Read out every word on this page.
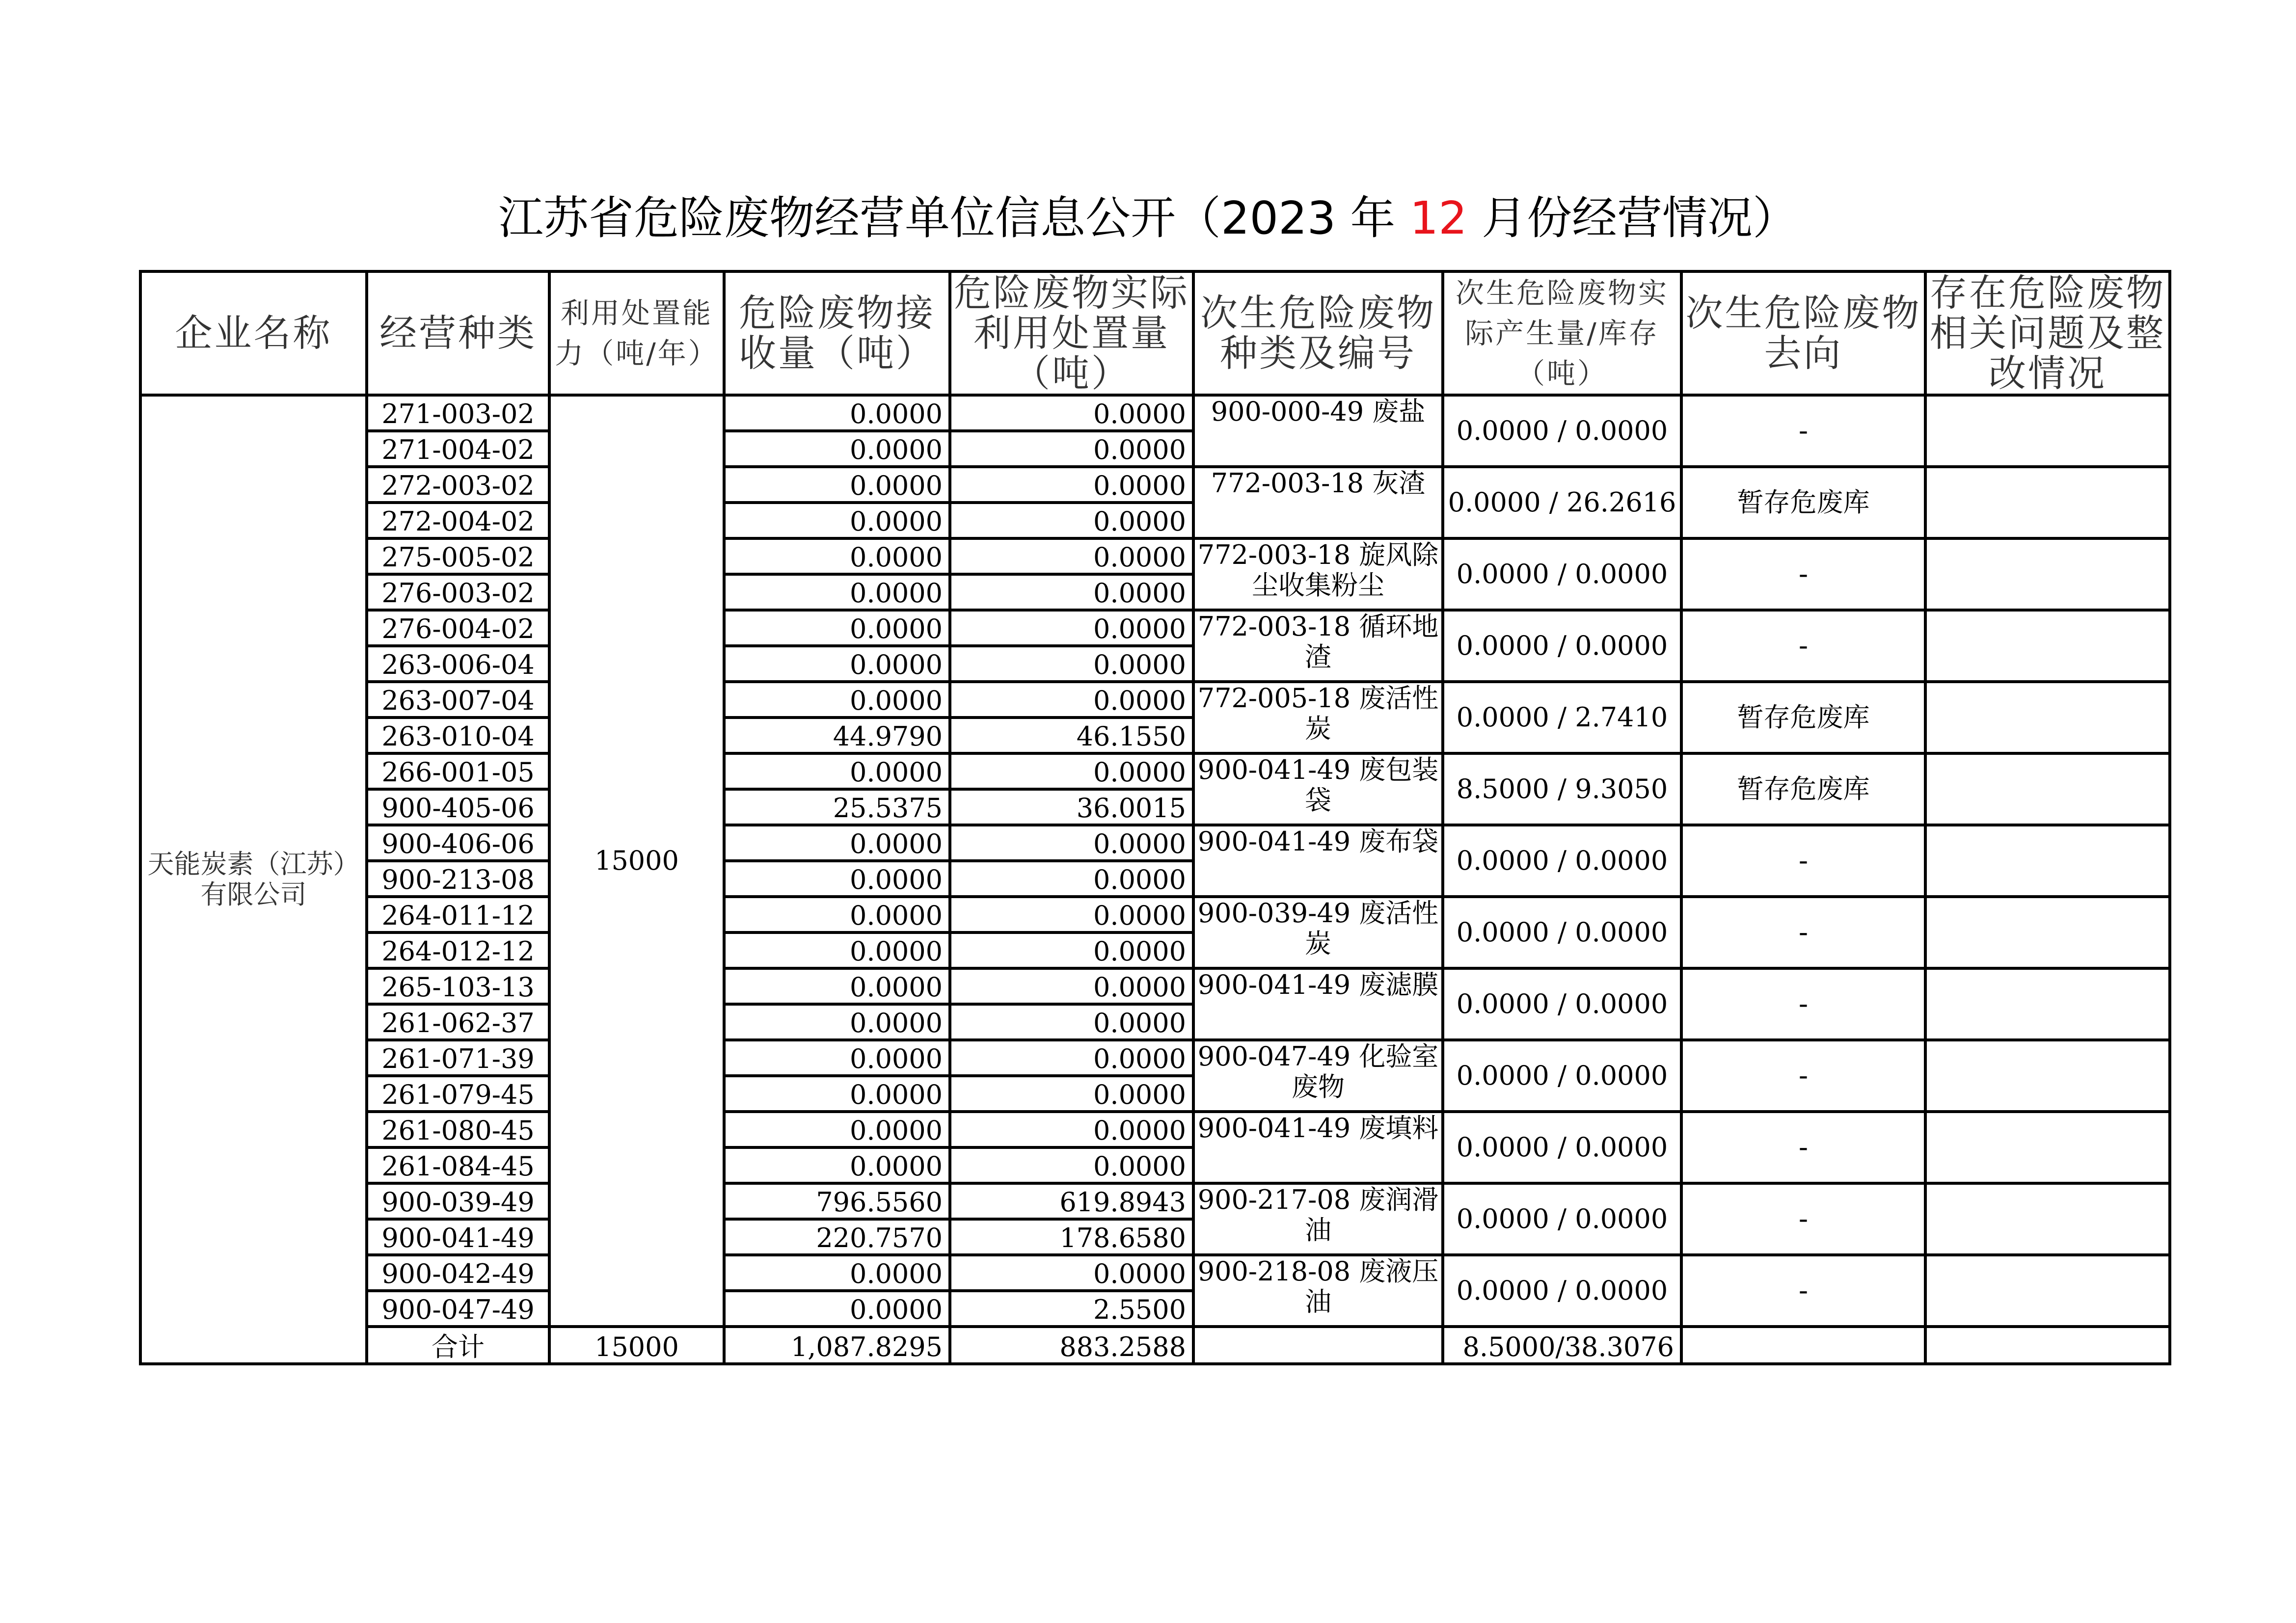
江苏省危险废物经营单位信息公开（2023 年 12 月份经营情况）
企业名称	经营种类	利用处置能力（吨/年）	危险废物接收量（吨）	危险废物实际利用处置量（吨）	次生危险废物种类及编号	次生危险废物实际产生量/库存（吨）	次生危险废物去向	存在危险废物相关问题及整改情况
天能炭素（江苏）有限公司	271-003-02	15000	0.0000	0.0000	900-000-49 废盐	0.0000 / 0.0000	-	
	271-004-02		0.0000	0.0000				
	272-003-02		0.0000	0.0000	772-003-18 灰渣	0.0000 / 26.2616	暂存危废库	
	272-004-02		0.0000	0.0000				
	275-005-02		0.0000	0.0000	772-003-18 旋风除尘收集粉尘	0.0000 / 0.0000	-	
	276-003-02		0.0000	0.0000				
	276-004-02		0.0000	0.0000	772-003-18 循环地渣	0.0000 / 0.0000	-	
	263-006-04		0.0000	0.0000				
	263-007-04		0.0000	0.0000	772-005-18 废活性炭	0.0000 / 2.7410	暂存危废库	
	263-010-04		44.9790	46.1550				
	266-001-05		0.0000	0.0000	900-041-49 废包装袋	8.5000 / 9.3050	暂存危废库	
	900-405-06		25.5375	36.0015				
	900-406-06		0.0000	0.0000	900-041-49 废布袋	0.0000 / 0.0000	-	
	900-213-08		0.0000	0.0000				
	264-011-12		0.0000	0.0000	900-039-49 废活性炭	0.0000 / 0.0000	-	
	264-012-12		0.0000	0.0000				
	265-103-13		0.0000	0.0000	900-041-49 废滤膜	0.0000 / 0.0000	-	
	261-062-37		0.0000	0.0000				
	261-071-39		0.0000	0.0000	900-047-49 化验室废物	0.0000 / 0.0000	-	
	261-079-45		0.0000	0.0000				
	261-080-45		0.0000	0.0000	900-041-49 废填料	0.0000 / 0.0000	-	
	261-084-45		0.0000	0.0000				
	900-039-49		796.5560	619.8943	900-217-08 废润滑油	0.0000 / 0.0000	-	
	900-041-49		220.7570	178.6580				
	900-042-49		0.0000	0.0000	900-218-08 废液压油	0.0000 / 0.0000	-	
	900-047-49		0.0000	2.5500				
	合计	15000	1,087.8295	883.2588		8.5000/38.3076		
